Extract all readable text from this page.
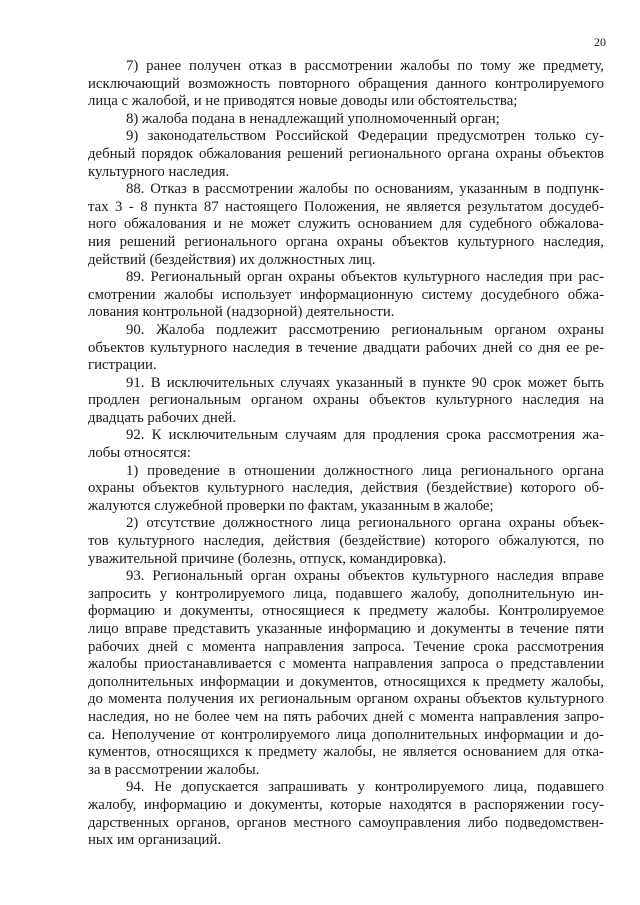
20
7) ранее получен отказ в рассмотрении жалобы по тому же предмету,
исключающий возможность повторного обращения данного контролируемого
лица с жалобой, и не приводятся новые доводы или обстоятельства;
8) жалоба подана в ненадлежащий уполномоченный орган;
9) законодательством Российской Федерации предусмотрен только су-
дебный порядок обжалования решений регионального органа охраны объектов
культурного наследия.
88. Отказ в рассмотрении жалобы по основаниям, указанным в подпунк-
тах 3 - 8 пункта 87 настоящего Положения, не является результатом досудеб-
ного обжалования и не может служить основанием для судебного обжалова-
ния решений регионального органа охраны объектов культурного наследия,
действий (бездействия) их должностных лиц.
89. Региональный орган охраны объектов культурного наследия при рас-
смотрении жалобы использует информационную систему досудебного обжа-
лования контрольной (надзорной) деятельности.
90. Жалоба подлежит рассмотрению региональным органом охраны
объектов культурного наследия в течение двадцати рабочих дней со дня ее ре-
гистрации.
91. В исключительных случаях указанный в пункте 90 срок может быть
продлен региональным органом охраны объектов культурного наследия на
двадцать рабочих дней.
92. К исключительным случаям для продления срока рассмотрения жа-
лобы относятся:
1) проведение в отношении должностного лица регионального органа
охраны объектов культурного наследия, действия (бездействие) которого об-
жалуются служебной проверки по фактам, указанным в жалобе;
2) отсутствие должностного лица регионального органа охраны объек-
тов культурного наследия, действия (бездействие) которого обжалуются, по
уважительной причине (болезнь, отпуск, командировка).
93. Региональный орган охраны объектов культурного наследия вправе
запросить у контролируемого лица, подавшего жалобу, дополнительную ин-
формацию и документы, относящиеся к предмету жалобы. Контролируемое
лицо вправе представить указанные информацию и документы в течение пяти
рабочих дней с момента направления запроса. Течение срока рассмотрения
жалобы приостанавливается с момента направления запроса о представлении
дополнительных информации и документов, относящихся к предмету жалобы,
до момента получения их региональным органом охраны объектов культурного
наследия, но не более чем на пять рабочих дней с момента направления запро-
са. Неполучение от контролируемого лица дополнительных информации и до-
кументов, относящихся к предмету жалобы, не является основанием для отка-
за в рассмотрении жалобы.
94. Не допускается запрашивать у контролируемого лица, подавшего
жалобу, информацию и документы, которые находятся в распоряжении госу-
дарственных органов, органов местного самоуправления либо подведомствен-
ных им организаций.
